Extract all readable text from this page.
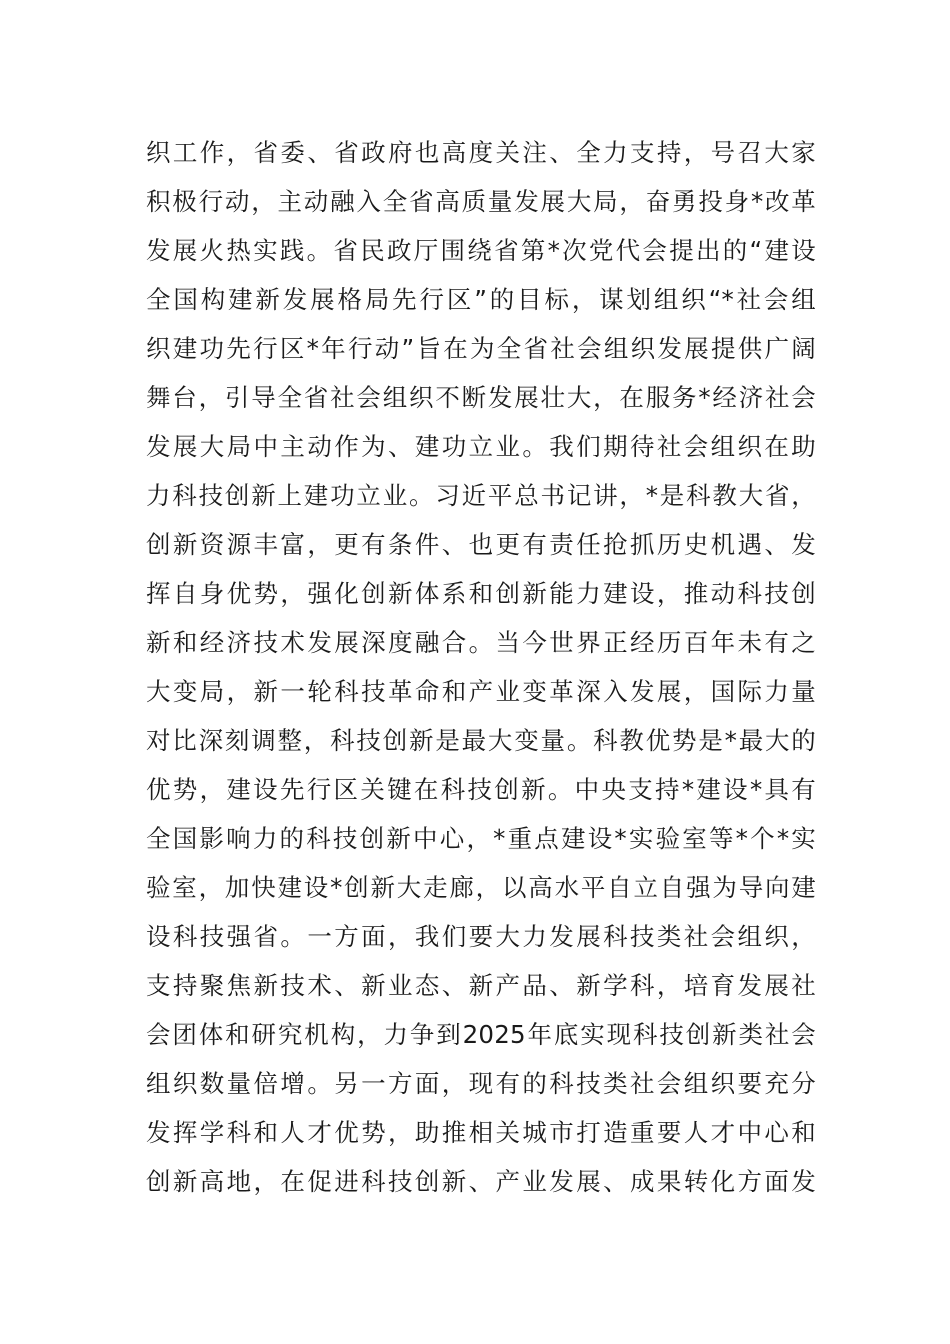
织工作，省委、省政府也高度关注、全力支持，号召大家
积极行动，主动融入全省高质量发展大局，奋勇投身*改革
发展火热实践。省民政厅围绕省第*次党代会提出的“建设
全国构建新发展格局先行区”的目标，谋划组织“*社会组
织建功先行区*年行动”旨在为全省社会组织发展提供广阔
舞台，引导全省社会组织不断发展壮大，在服务*经济社会
发展大局中主动作为、建功立业。我们期待社会组织在助
力科技创新上建功立业。习近平总书记讲，*是科教大省，
创新资源丰富，更有条件、也更有责任抢抓历史机遇、发
挥自身优势，强化创新体系和创新能力建设，推动科技创
新和经济技术发展深度融合。当今世界正经历百年未有之
大变局，新一轮科技革命和产业变革深入发展，国际力量
对比深刻调整，科技创新是最大变量。科教优势是*最大的
优势，建设先行区关键在科技创新。中央支持*建设*具有
全国影响力的科技创新中心，*重点建设*实验室等*个*实
验室，加快建设*创新大走廊，以高水平自立自强为导向建
设科技强省。一方面，我们要大力发展科技类社会组织，
支持聚焦新技术、新业态、新产品、新学科，培育发展社
会团体和研究机构，力争到2025年底实现科技创新类社会
组织数量倍增。另一方面，现有的科技类社会组织要充分
发挥学科和人才优势，助推相关城市打造重要人才中心和
创新高地，在促进科技创新、产业发展、成果转化方面发
